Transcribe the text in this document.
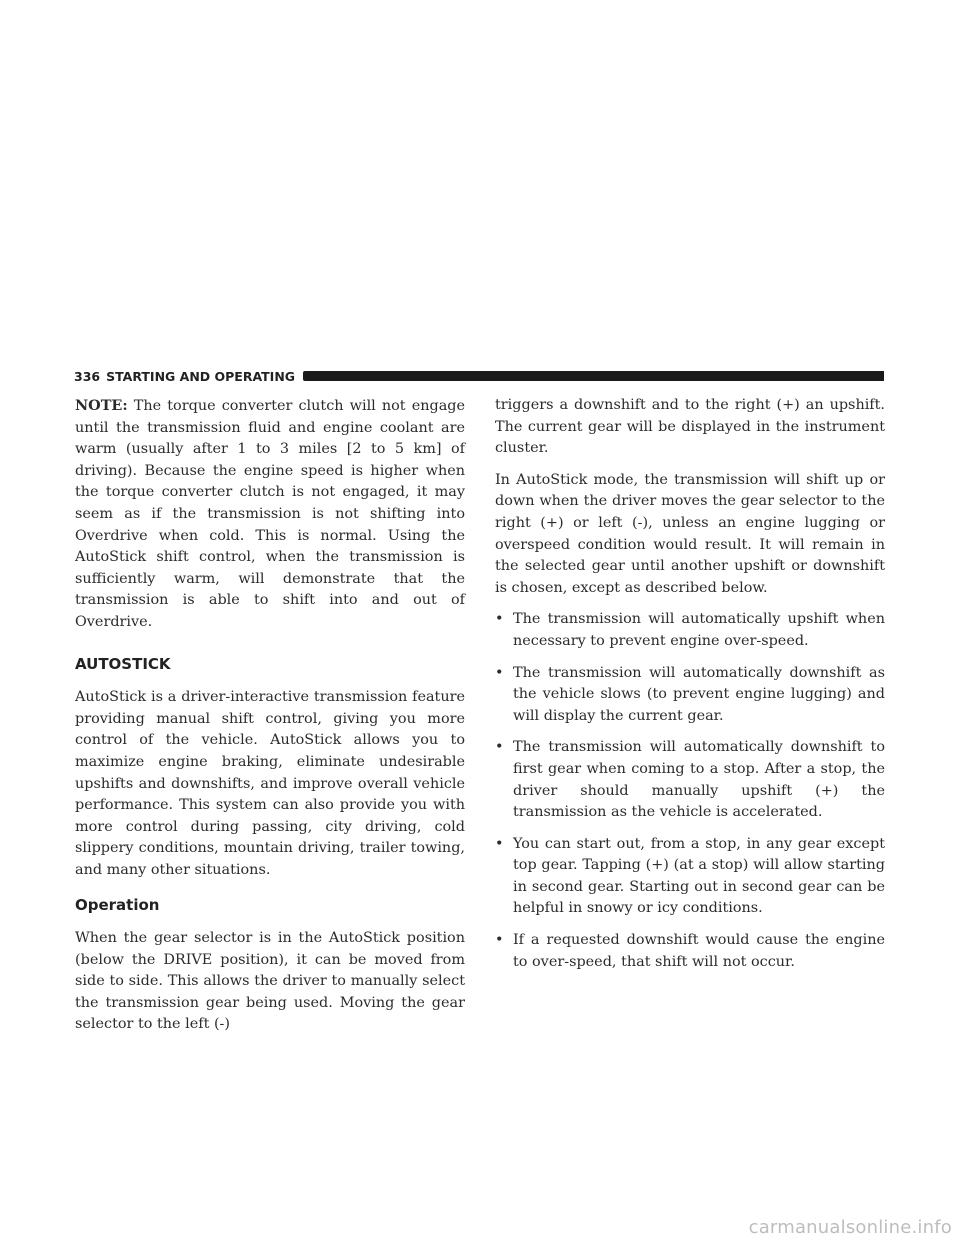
336 STARTING AND OPERATING

NOTE: The torque converter clutch will not engage until the transmission fluid and engine coolant are warm (usually after 1 to 3 miles [2 to 5 km] of driving). Because the engine speed is higher when the torque converter clutch is not engaged, it may seem as if the transmission is not shifting into Overdrive when cold. This is normal. Using the AutoStick shift control, when the transmission is sufficiently warm, will demonstrate that the transmission is able to shift into and out of Overdrive.

AUTOSTICK

AutoStick is a driver-interactive transmission feature providing manual shift control, giving you more control of the vehicle. AutoStick allows you to maximize engine braking, eliminate undesirable upshifts and downshifts, and improve overall vehicle performance. This system can also provide you with more control during passing, city driving, cold slippery conditions, mountain driving, trailer towing, and many other situations.

Operation

When the gear selector is in the AutoStick position (below the DRIVE position), it can be moved from side to side. This allows the driver to manually select the transmission gear being used. Moving the gear selector to the left (-)

triggers a downshift and to the right (+) an upshift. The current gear will be displayed in the instrument cluster.

In AutoStick mode, the transmission will shift up or down when the driver moves the gear selector to the right (+) or left (-), unless an engine lugging or overspeed condition would result. It will remain in the selected gear until another upshift or downshift is chosen, except as described below.

• The transmission will automatically upshift when necessary to prevent engine over-speed.
• The transmission will automatically downshift as the vehicle slows (to prevent engine lugging) and will display the current gear.
• The transmission will automatically downshift to first gear when coming to a stop. After a stop, the driver should manually upshift (+) the transmission as the vehicle is accelerated.
• You can start out, from a stop, in any gear except top gear. Tapping (+) (at a stop) will allow starting in second gear. Starting out in second gear can be helpful in snowy or icy conditions.
• If a requested downshift would cause the engine to over-speed, that shift will not occur.
carmanualsonline.info
